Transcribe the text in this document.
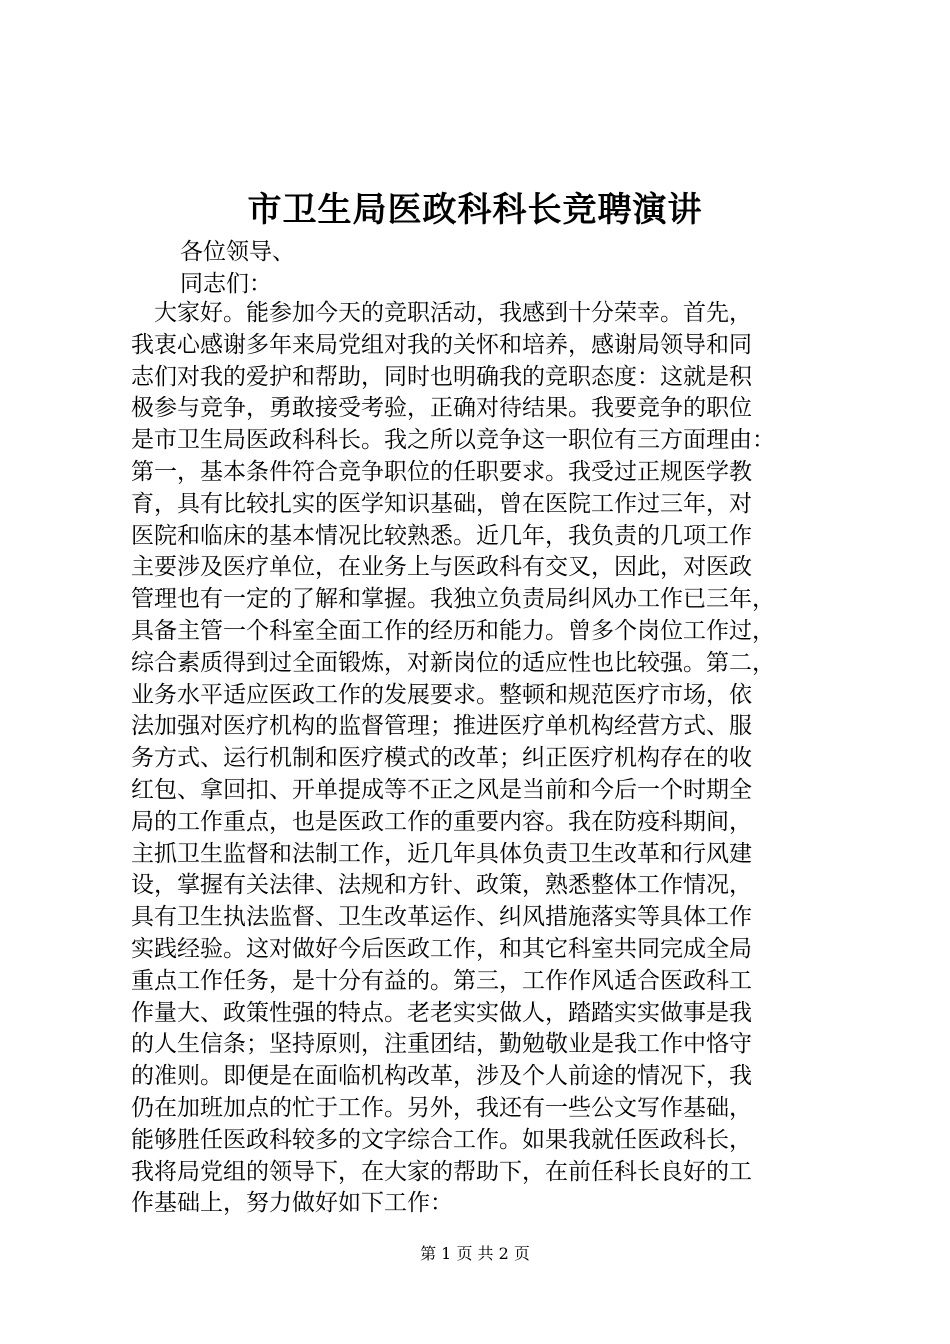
市卫生局医政科科长竞聘演讲
各位领导、
同志们：
　大家好。能参加今天的竞职活动，我感到十分荣幸。首先，
我衷心感谢多年来局党组对我的关怀和培养，感谢局领导和同
志们对我的爱护和帮助，同时也明确我的竞职态度：这就是积
极参与竞争，勇敢接受考验，正确对待结果。我要竞争的职位
是市卫生局医政科科长。我之所以竞争这一职位有三方面理由：
第一，基本条件符合竞争职位的任职要求。我受过正规医学教
育，具有比较扎实的医学知识基础，曾在医院工作过三年，对
医院和临床的基本情况比较熟悉。近几年，我负责的几项工作
主要涉及医疗单位，在业务上与医政科有交叉，因此，对医政
管理也有一定的了解和掌握。我独立负责局纠风办工作已三年，
具备主管一个科室全面工作的经历和能力。曾多个岗位工作过，
综合素质得到过全面锻炼，对新岗位的适应性也比较强。第二，
业务水平适应医政工作的发展要求。整顿和规范医疗市场，依
法加强对医疗机构的监督管理；推进医疗单机构经营方式、服
务方式、运行机制和医疗模式的改革；纠正医疗机构存在的收
红包、拿回扣、开单提成等不正之风是当前和今后一个时期全
局的工作重点，也是医政工作的重要内容。我在防疫科期间，
主抓卫生监督和法制工作，近几年具体负责卫生改革和行风建
设，掌握有关法律、法规和方针、政策，熟悉整体工作情况，
具有卫生执法监督、卫生改革运作、纠风措施落实等具体工作
实践经验。这对做好今后医政工作，和其它科室共同完成全局
重点工作任务，是十分有益的。第三，工作作风适合医政科工
作量大、政策性强的特点。老老实实做人，踏踏实实做事是我
的人生信条；坚持原则，注重团结，勤勉敬业是我工作中恪守
的准则。即便是在面临机构改革，涉及个人前途的情况下，我
仍在加班加点的忙于工作。另外，我还有一些公文写作基础，
能够胜任医政科较多的文字综合工作。如果我就任医政科长，
我将局党组的领导下，在大家的帮助下，在前任科长良好的工
作基础上，努力做好如下工作：
第 1 页 共 2 页
